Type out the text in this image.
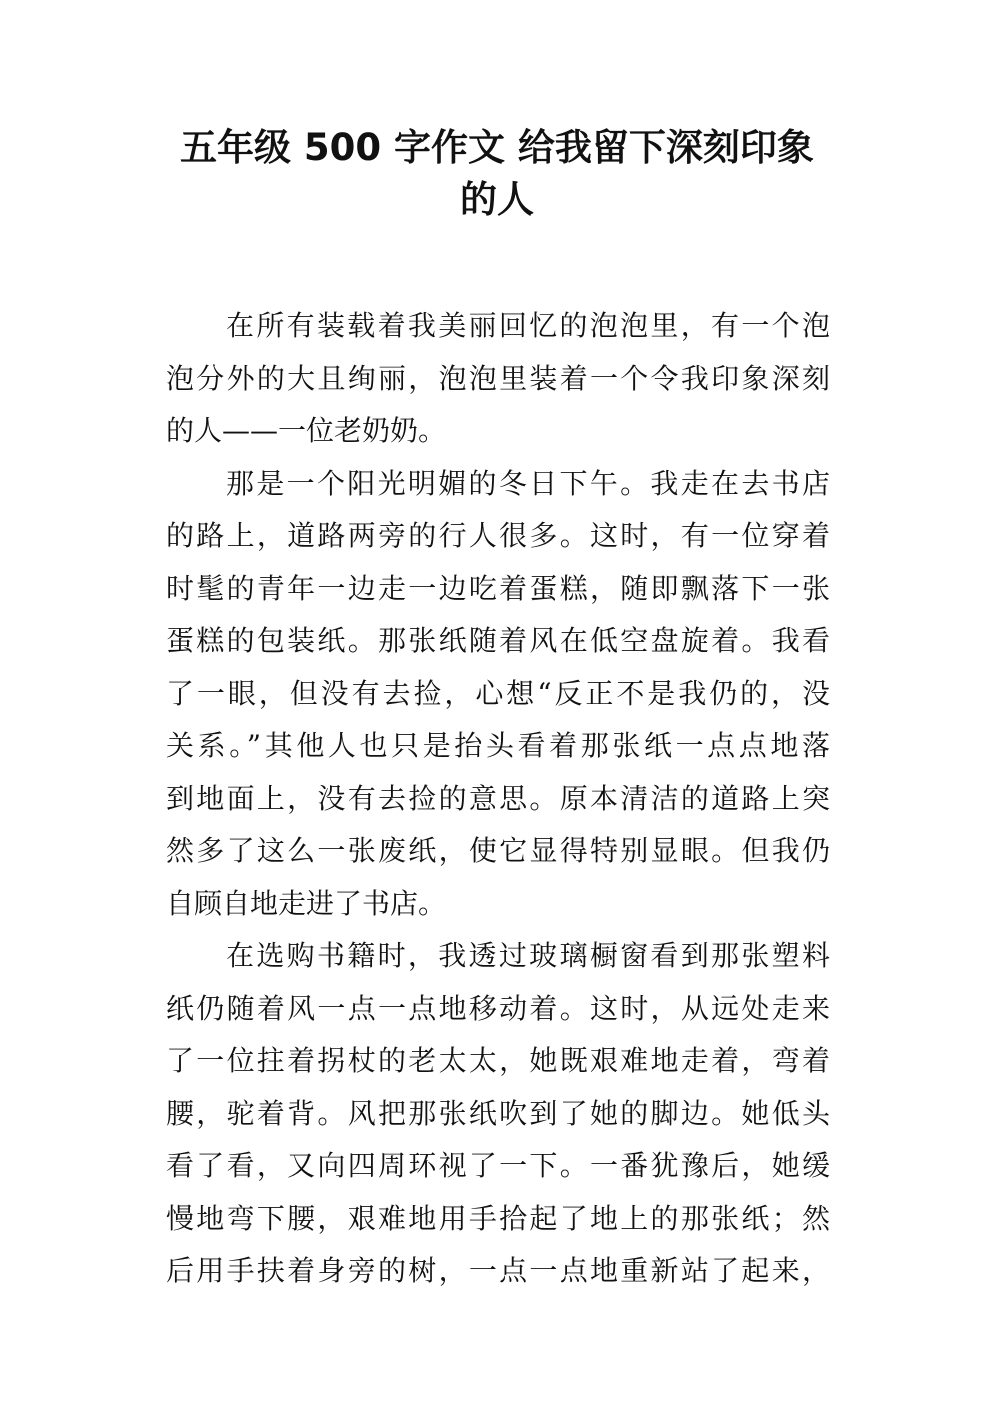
五年级 500 字作文 给我留下深刻印象
的人
在所有装载着我美丽回忆的泡泡里，有一个泡
泡分外的大且绚丽，泡泡里装着一个令我印象深刻
的人——一位老奶奶。
那是一个阳光明媚的冬日下午。我走在去书店
的路上，道路两旁的行人很多。这时，有一位穿着
时髦的青年一边走一边吃着蛋糕，随即飘落下一张
蛋糕的包装纸。那张纸随着风在低空盘旋着。我看
了一眼，但没有去捡，心想“反正不是我仍的，没
关系。”其他人也只是抬头看着那张纸一点点地落
到地面上，没有去捡的意思。原本清洁的道路上突
然多了这么一张废纸，使它显得特别显眼。但我仍
自顾自地走进了书店。
在选购书籍时，我透过玻璃橱窗看到那张塑料
纸仍随着风一点一点地移动着。这时，从远处走来
了一位拄着拐杖的老太太，她既艰难地走着，弯着
腰，驼着背。风把那张纸吹到了她的脚边。她低头
看了看，又向四周环视了一下。一番犹豫后，她缓
慢地弯下腰，艰难地用手拾起了地上的那张纸；然
后用手扶着身旁的树，一点一点地重新站了起来，
